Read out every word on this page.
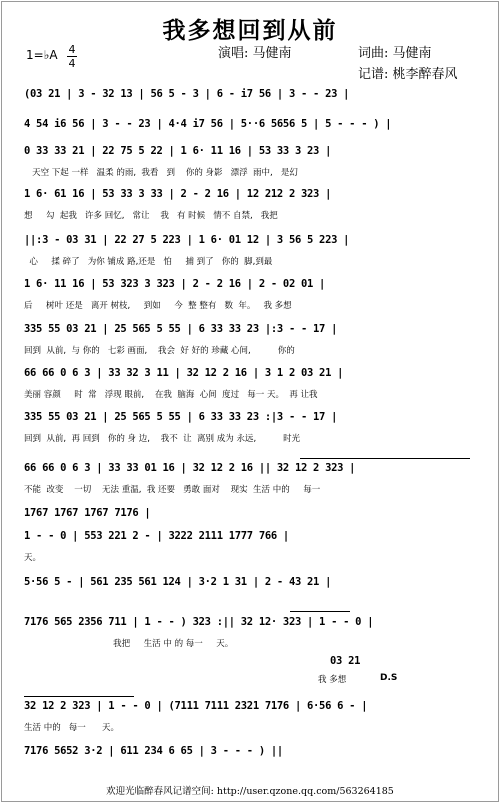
我多想回到从前
1=♭A 4
4
演唱: 马健南	词曲: 马健南
记谱: 桃李醉春风
(03 21 | 3 - 32 13 | 56 5 - 3 | 6 - i7 56 | 3 - - 23 |
4 54 i6 56 | 3 - - 23 | 4·4 i7 56 | 5··6 5656 5 | 5 - - - ) |
0 33 33 21 | 22 75 5 22 | 1 6· 11 16 | 53 33 3 23 |
天空 下起 一样   温柔 的雨,  我看   到    你的 身影   漂浮  雨中,   是幻
1 6· 61 16 | 53 33 3 33 | 2 - 2 16 | 12 212 2 323 |
想     勾  起我   许多 回忆,   常让    我   有 时候   情不 自禁,   我把
||:3 - 03 31 | 22 27 5 223 | 1 6· 01 12 | 3 56 5 223 |
心     揉 碎了   为你 铺成 路,还是   怕     捕 到了   你的  脚,到最
1 6· 11 16 | 53 323 3 323 | 2 - 2 16 | 2 - 02 01 |
后     树叶 还是   离开 树枝,     到如     今  整 整有   数  年。   我 多想
335 55 03 21 | 25 565 5 55 | 6 33 33 23 |:3 - - 17 |
回到  从前,  与 你的   七彩 画面,    我会  好 好的 珍藏 心间,          你的
66 66 0 6 3 | 33 32 3 11 | 32 12 2 16 | 3 1 2 03 21 |
美丽 容颜     时  常   浮现 眼前,    在我  脑海  心间  度过   每一 天。  再 让我
335 55 03 21 | 25 565 5 55 | 6 33 33 23 :|3 - - 17 |
回到  从前,  再 回到   你的 身 边,    我不  让  离别 成为 永远,          时光
66 66 0 6 3 | 33 33 01 16 | 32 12 2 16 || 32 12 2 323 |
不能  改变    一切    无法 重温,  我 还要   勇敢 面对    现实  生活 中的     每一
1767 1767 1767 7176 |
1 - - 0 | 553 221 2 - | 3222 2111 1777 766 |
天。
5·56 5 - | 561 235 561 124 | 3·2 1 31 | 2 - 43 21 |
7176 565 2356 711 | 1 - - ) 323 :|| 32 12· 323 | 1 - - 0 |
我把     生活 中 的 每一     天。
03 21
我 多想	D.S
32 12 2 323 | 1 - - 0 | (7111 7111 2321 7176 | 6·56 6 - |
生活 中的   每一      天。
7176 5652 3·2 | 611 234 6 65 | 3 - - - ) ||
欢迎光临醉春风记谱空间: http://user.qzone.qq.com/563264185
